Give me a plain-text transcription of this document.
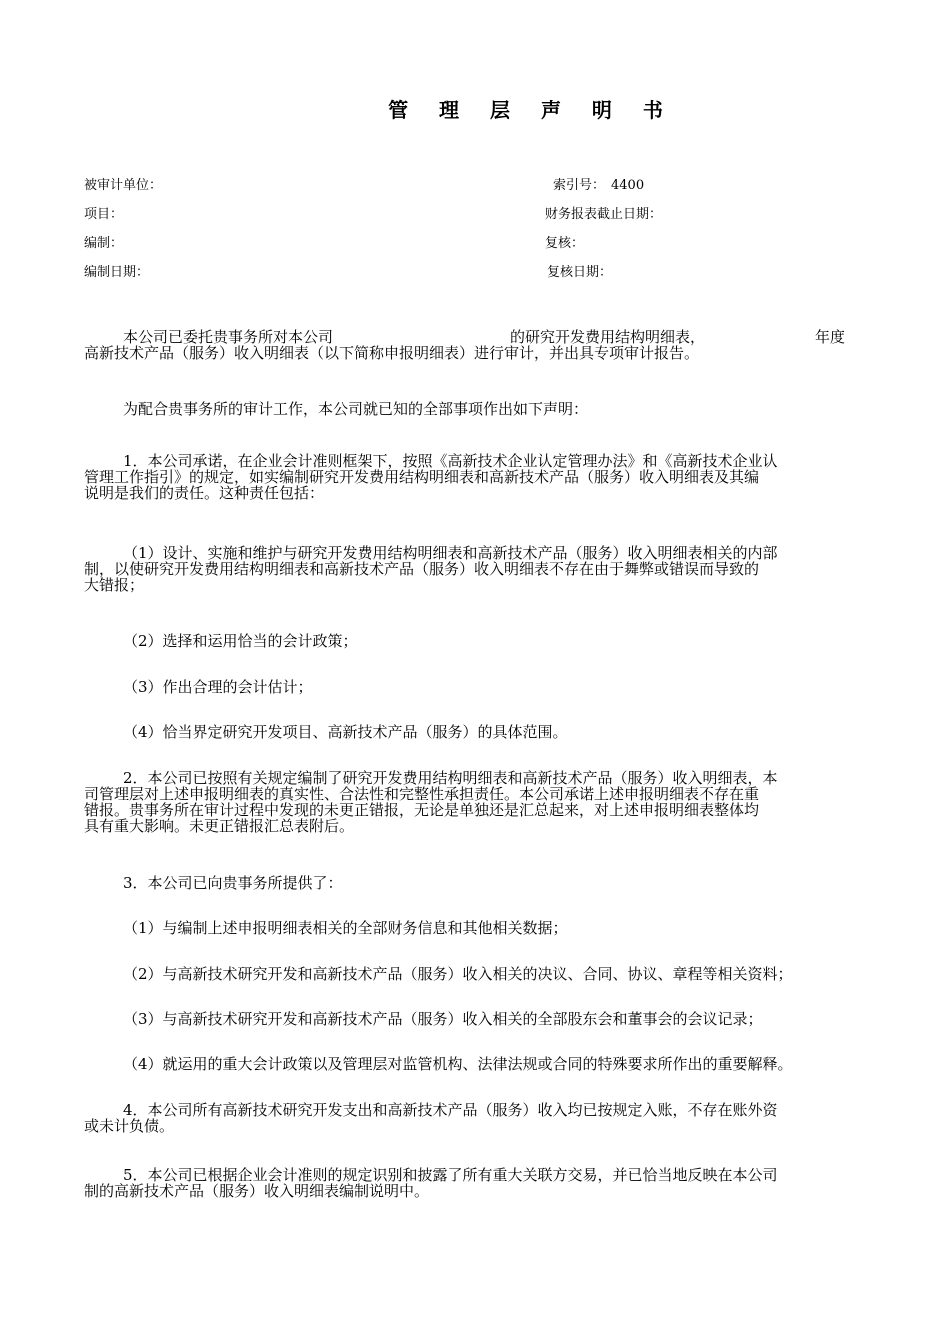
管 理 层 声 明 书
被审计单位：	索引号： 4400
项目：	财务报表截止日期：
编制：	复核：
编制日期：	复核日期：
本公司已委托贵事务所对本公司	的研究开发费用结构明细表，	年度
高新技术产品（服务）收入明细表（以下简称申报明细表）进行审计，并出具专项审计报告。
为配合贵事务所的审计工作，本公司就已知的全部事项作出如下声明：
1．本公司承诺，在企业会计准则框架下，按照《高新技术企业认定管理办法》和《高新技术企业认
管理工作指引》的规定，如实编制研究开发费用结构明细表和高新技术产品（服务）收入明细表及其编
说明是我们的责任。这种责任包括：
（1）设计、实施和维护与研究开发费用结构明细表和高新技术产品（服务）收入明细表相关的内部
制，以使研究开发费用结构明细表和高新技术产品（服务）收入明细表不存在由于舞弊或错误而导致的
大错报；
（2）选择和运用恰当的会计政策；
（3）作出合理的会计估计；
（4）恰当界定研究开发项目、高新技术产品（服务）的具体范围。
2．本公司已按照有关规定编制了研究开发费用结构明细表和高新技术产品（服务）收入明细表，本
司管理层对上述申报明细表的真实性、合法性和完整性承担责任。本公司承诺上述申报明细表不存在重
错报。贵事务所在审计过程中发现的未更正错报，无论是单独还是汇总起来，对上述申报明细表整体均
具有重大影响。未更正错报汇总表附后。
3．本公司已向贵事务所提供了：
（1）与编制上述申报明细表相关的全部财务信息和其他相关数据；
（2）与高新技术研究开发和高新技术产品（服务）收入相关的决议、合同、协议、章程等相关资料；
（3）与高新技术研究开发和高新技术产品（服务）收入相关的全部股东会和董事会的会议记录；
（4）就运用的重大会计政策以及管理层对监管机构、法律法规或合同的特殊要求所作出的重要解释。
4．本公司所有高新技术研究开发支出和高新技术产品（服务）收入均已按规定入账，不存在账外资
或未计负债。
5．本公司已根据企业会计准则的规定识别和披露了所有重大关联方交易，并已恰当地反映在本公司
制的高新技术产品（服务）收入明细表编制说明中。
